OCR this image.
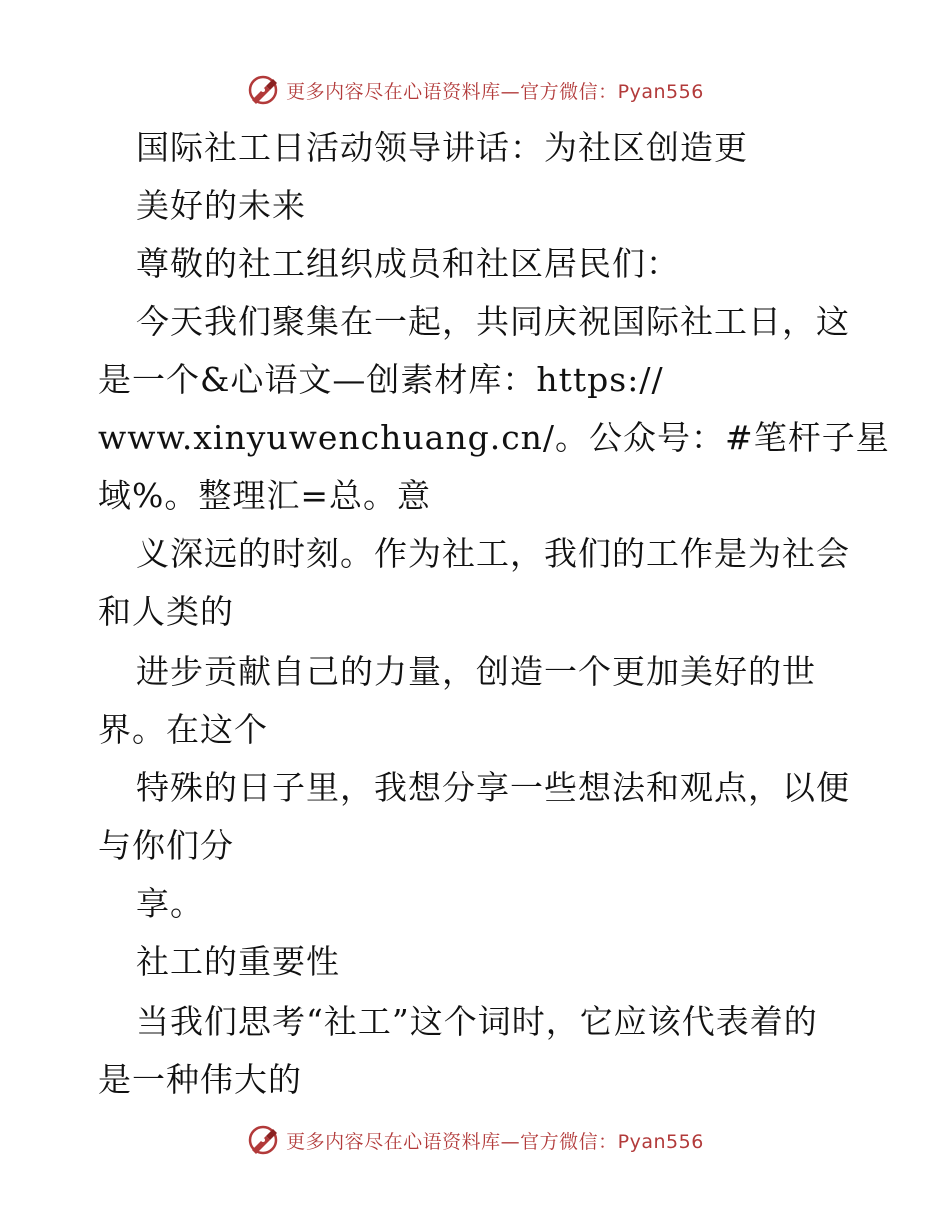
更多内容尽在心语资料库—官方微信：Pyan556
国际社工日活动领导讲话：为社区创造更
美好的未来
尊敬的社工组织成员和社区居民们：
今天我们聚集在一起，共同庆祝国际社工日，这
是一个&心语文—创素材库：https://
www.xinyuwenchuang.cn/。公众号：#笔杆子星
域%。整理汇=总。意
义深远的时刻。作为社工，我们的工作是为社会
和人类的
进步贡献自己的力量，创造一个更加美好的世
界。在这个
特殊的日子里，我想分享一些想法和观点，以便
与你们分
享。
社工的重要性
当我们思考“社工”这个词时，它应该代表着的
是一种伟大的
更多内容尽在心语资料库—官方微信：Pyan556
